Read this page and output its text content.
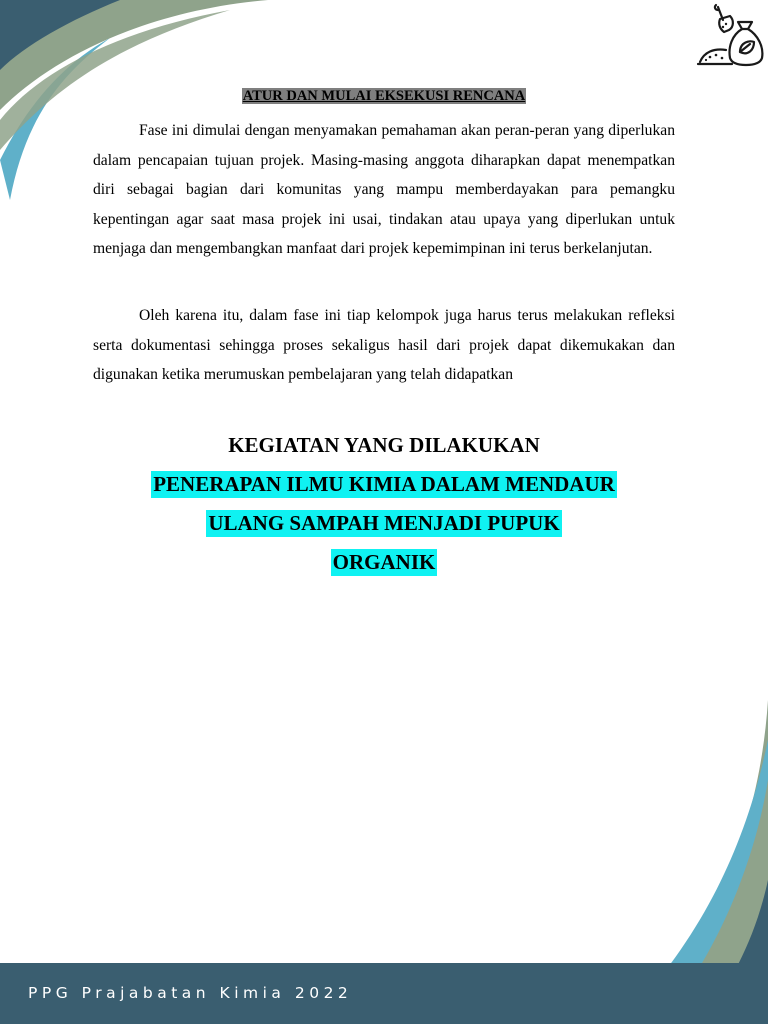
ATUR DAN MULAI EKSEKUSI RENCANA

Fase ini dimulai dengan menyamakan pemahaman akan peran-peran yang diperlukan dalam pencapaian tujuan projek. Masing-masing anggota diharapkan dapat menempatkan diri sebagai bagian dari komunitas yang mampu memberdayakan para pemangku kepentingan agar saat masa projek ini usai, tindakan atau upaya yang diperlukan untuk menjaga dan mengembangkan manfaat dari projek kepemimpinan ini terus berkelanjutan.

Oleh karena itu, dalam fase ini tiap kelompok juga harus terus melakukan refleksi serta dokumentasi sehingga proses sekaligus hasil dari projek dapat dikemukakan dan digunakan ketika merumuskan pembelajaran yang telah didapatkan

KEGIATAN YANG DILAKUKAN
PENERAPAN ILMU KIMIA DALAM MENDAUR
ULANG SAMPAH MENJADI PUPUK
ORGANIK
PPG Prajabatan Kimia 2022
